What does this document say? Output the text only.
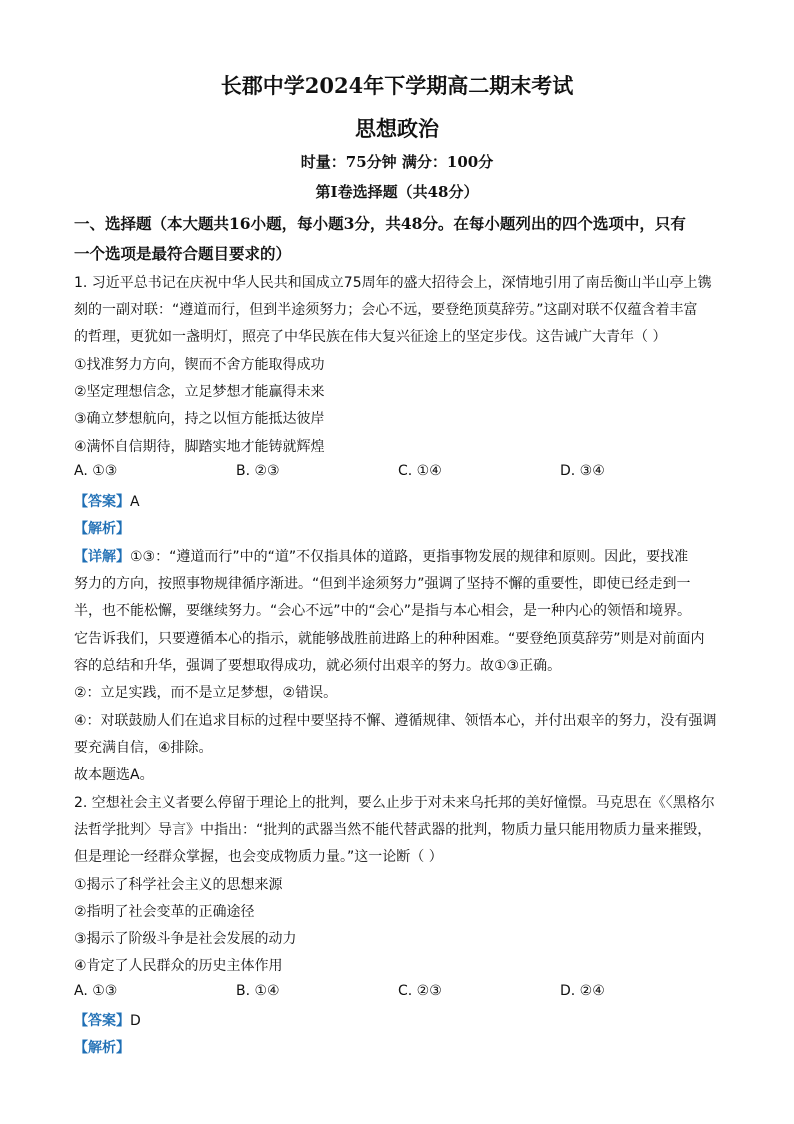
长郡中学2024年下学期高二期末考试
思想政治
时量：75分钟 满分：100分
第I卷选择题（共48分）
一、选择题（本大题共16小题，每小题3分，共48分。在每小题列出的四个选项中，只有
一个选项是最符合题目要求的）
1. 习近平总书记在庆祝中华人民共和国成立75周年的盛大招待会上，深情地引用了南岳衡山半山亭上镌
刻的一副对联：“遵道而行，但到半途须努力；会心不远，要登绝顶莫辞劳。”这副对联不仅蕴含着丰富
的哲理，更犹如一盏明灯，照亮了中华民族在伟大复兴征途上的坚定步伐。这告诫广大青年（ ）
①找准努力方向，锲而不舍方能取得成功
②坚定理想信念，立足梦想才能赢得未来
③确立梦想航向，持之以恒方能抵达彼岸
④满怀自信期待，脚踏实地才能铸就辉煌
A. ①③	B. ②③	C. ①④	D. ③④
【答案】A
【解析】
【详解】①③：“遵道而行”中的“道”不仅指具体的道路，更指事物发展的规律和原则。因此，要找准
努力的方向，按照事物规律循序渐进。“但到半途须努力”强调了坚持不懈的重要性，即使已经走到一
半，也不能松懈，要继续努力。“会心不远”中的“会心”是指与本心相会，是一种内心的领悟和境界。
它告诉我们，只要遵循本心的指示，就能够战胜前进路上的种种困难。“要登绝顶莫辞劳”则是对前面内
容的总结和升华，强调了要想取得成功，就必须付出艰辛的努力。故①③正确。
②：立足实践，而不是立足梦想，②错误。
④：对联鼓励人们在追求目标的过程中要坚持不懈、遵循规律、领悟本心，并付出艰辛的努力，没有强调
要充满自信，④排除。
故本题选A。
2. 空想社会主义者要么停留于理论上的批判，要么止步于对未来乌托邦的美好憧憬。马克思在《〈黑格尔
法哲学批判〉导言》中指出：“批判的武器当然不能代替武器的批判，物质力量只能用物质力量来摧毁，
但是理论一经群众掌握，也会变成物质力量。”这一论断（ ）
①揭示了科学社会主义的思想来源
②指明了社会变革的正确途径
③揭示了阶级斗争是社会发展的动力
④肯定了人民群众的历史主体作用
A. ①③	B. ①④	C. ②③	D. ②④
【答案】D
【解析】
